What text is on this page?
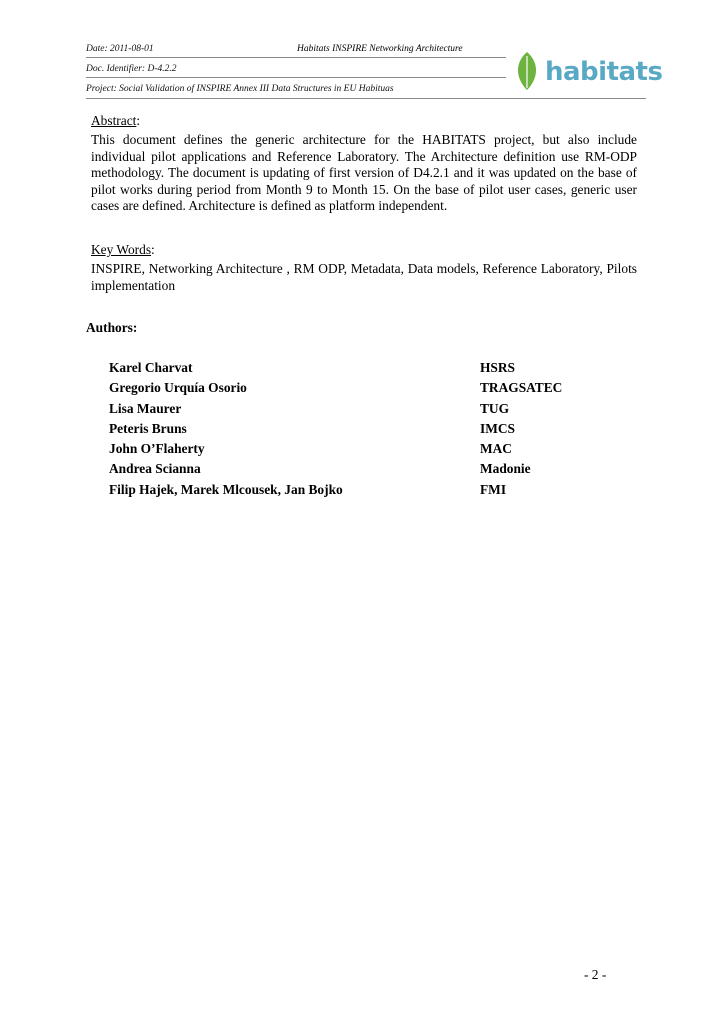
Date: 2011-08-01	Habitats INSPIRE Networking Architecture
Doc. Identifier: D-4.2.2
Project: Social Validation of INSPIRE Annex III Data Structures in EU Habituas
habitats
Abstract:
This document defines the generic architecture for the HABITATS project, but also include individual pilot applications and Reference Laboratory. The Architecture definition use RM-ODP methodology. The document is updating of first version of D4.2.1 and it was updated on the base of pilot works during period from Month 9 to Month 15. On the base of pilot user cases, generic user cases are defined. Architecture is defined as platform independent.
Key Words:
INSPIRE, Networking Architecture , RM ODP, Metadata, Data models, Reference Laboratory, Pilots implementation
Authors:
Karel Charvat	HSRS
Gregorio Urquía Osorio	TRAGSATEC
Lisa Maurer	TUG
Peteris Bruns	IMCS
John O’Flaherty	MAC
Andrea Scianna	Madonie
Filip Hajek, Marek Mlcousek, Jan Bojko	FMI
- 2 -
